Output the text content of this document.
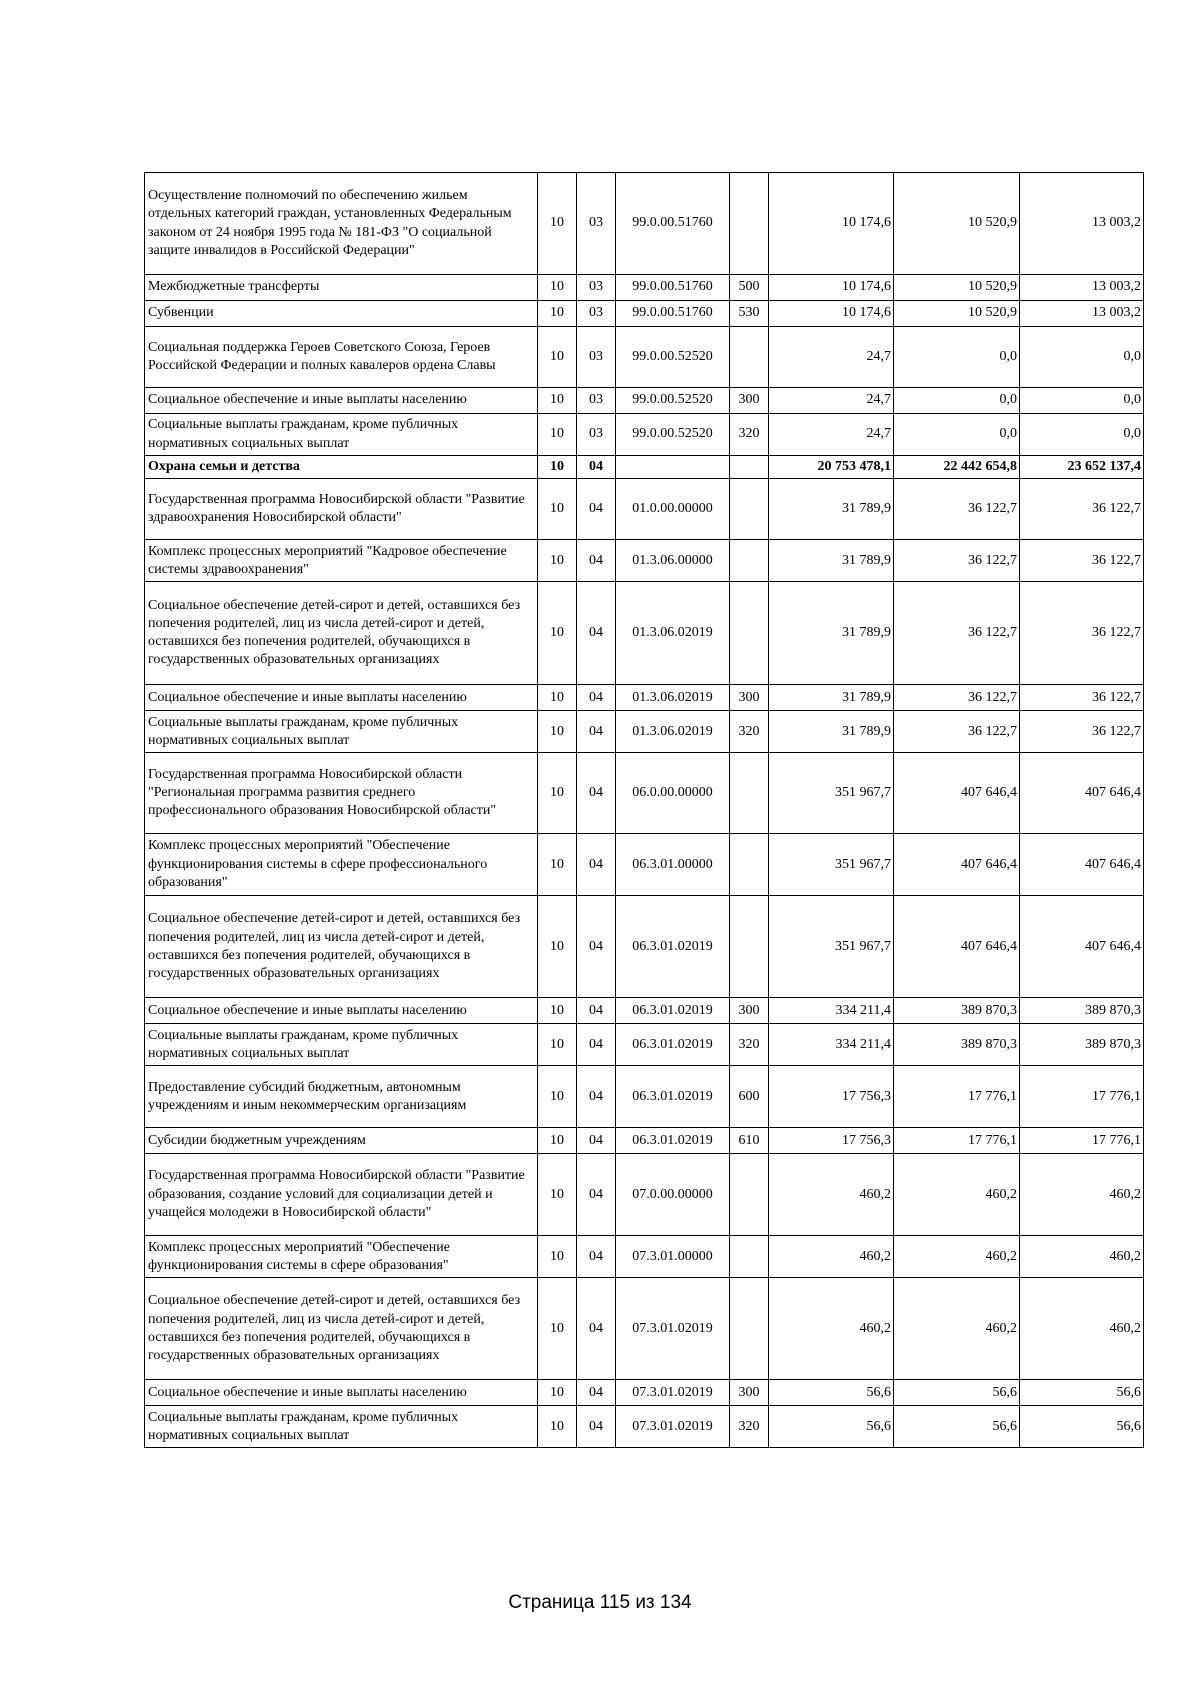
Осуществление полномочий по обеспечению жильем отдельных категорий граждан, установленных Федеральным законом от 24 ноября 1995 года № 181-ФЗ "О социальной защите инвалидов в Российской Федерации"	10	03	99.0.00.51760		10 174,6	10 520,9	13 003,2
Межбюджетные трансферты	10	03	99.0.00.51760	500	10 174,6	10 520,9	13 003,2
Субвенции	10	03	99.0.00.51760	530	10 174,6	10 520,9	13 003,2
Социальная поддержка Героев Советского Союза, Героев Российской Федерации и полных кавалеров ордена Славы	10	03	99.0.00.52520		24,7	0,0	0,0
Социальное обеспечение и иные выплаты населению	10	03	99.0.00.52520	300	24,7	0,0	0,0
Социальные выплаты гражданам, кроме публичных нормативных социальных выплат	10	03	99.0.00.52520	320	24,7	0,0	0,0
Охрана семьи и детства	10	04			20 753 478,1	22 442 654,8	23 652 137,4
Государственная программа Новосибирской области "Развитие здравоохранения Новосибирской области"	10	04	01.0.00.00000		31 789,9	36 122,7	36 122,7
Комплекс процессных мероприятий "Кадровое обеспечение системы здравоохранения"	10	04	01.3.06.00000		31 789,9	36 122,7	36 122,7
Социальное обеспечение детей-сирот и детей, оставшихся без попечения родителей, лиц из числа детей-сирот и детей, оставшихся без попечения родителей, обучающихся в государственных образовательных организациях	10	04	01.3.06.02019		31 789,9	36 122,7	36 122,7
Социальное обеспечение и иные выплаты населению	10	04	01.3.06.02019	300	31 789,9	36 122,7	36 122,7
Социальные выплаты гражданам, кроме публичных нормативных социальных выплат	10	04	01.3.06.02019	320	31 789,9	36 122,7	36 122,7
Государственная программа Новосибирской области "Региональная программа развития среднего профессионального образования Новосибирской области"	10	04	06.0.00.00000		351 967,7	407 646,4	407 646,4
Комплекс процессных мероприятий "Обеспечение функционирования системы в сфере профессионального образования"	10	04	06.3.01.00000		351 967,7	407 646,4	407 646,4
Социальное обеспечение детей-сирот и детей, оставшихся без попечения родителей, лиц из числа детей-сирот и детей, оставшихся без попечения родителей, обучающихся в государственных образовательных организациях	10	04	06.3.01.02019		351 967,7	407 646,4	407 646,4
Социальное обеспечение и иные выплаты населению	10	04	06.3.01.02019	300	334 211,4	389 870,3	389 870,3
Социальные выплаты гражданам, кроме публичных нормативных социальных выплат	10	04	06.3.01.02019	320	334 211,4	389 870,3	389 870,3
Предоставление субсидий бюджетным, автономным учреждениям и иным некоммерческим организациям	10	04	06.3.01.02019	600	17 756,3	17 776,1	17 776,1
Субсидии бюджетным учреждениям	10	04	06.3.01.02019	610	17 756,3	17 776,1	17 776,1
Государственная программа Новосибирской области "Развитие образования, создание условий для социализации детей и учащейся молодежи в Новосибирской области"	10	04	07.0.00.00000		460,2	460,2	460,2
Комплекс процессных мероприятий "Обеспечение функционирования системы в сфере образования"	10	04	07.3.01.00000		460,2	460,2	460,2
Социальное обеспечение детей-сирот и детей, оставшихся без попечения родителей, лиц из числа детей-сирот и детей, оставшихся без попечения родителей, обучающихся в государственных образовательных организациях	10	04	07.3.01.02019		460,2	460,2	460,2
Социальное обеспечение и иные выплаты населению	10	04	07.3.01.02019	300	56,6	56,6	56,6
Социальные выплаты гражданам, кроме публичных нормативных социальных выплат	10	04	07.3.01.02019	320	56,6	56,6	56,6
Страница 115 из 134
